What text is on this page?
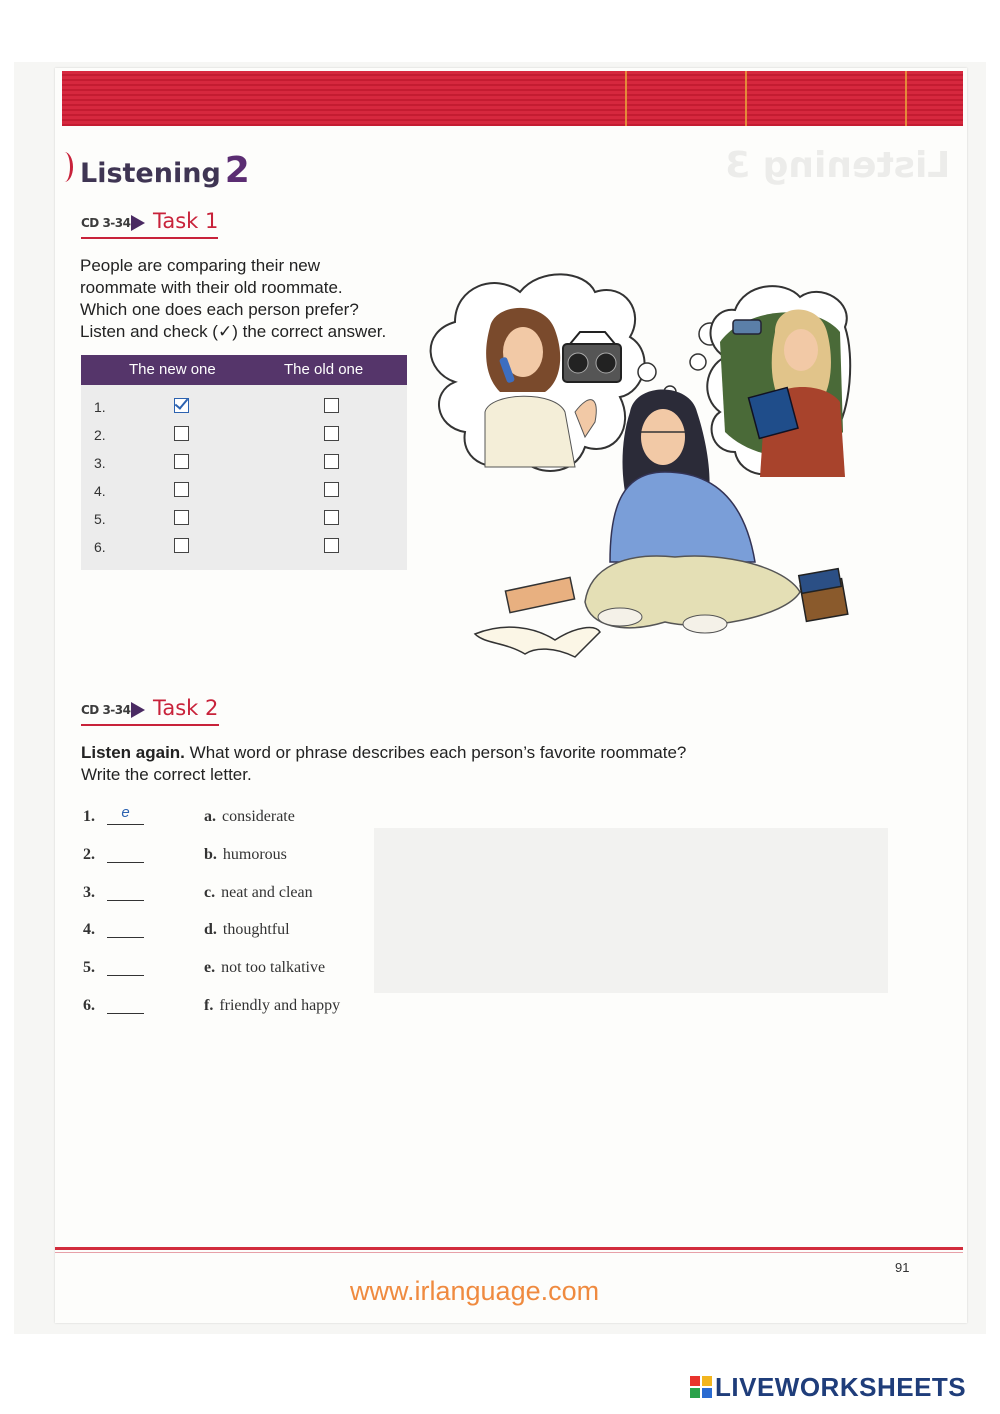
Listening 3
Listening 2
CD 3-34 Task 1
People are comparing their new
roommate with their old roommate.
Which one does each person prefer?
Listen and check (✓) the correct answer.
The new one	The old one
1.
2.
3.
4.
5.
6.
CD 3-34 Task 2
Listen again. What word or phrase describes each person’s favorite roommate?
Write the correct letter.
1.	e
2.
3.
4.
5.
6.
a. considerate
b. humorous
c. neat and clean
d. thoughtful
e. not too talkative
f. friendly and happy
91
www.irlanguage.com
LIVEWORKSHEETS
